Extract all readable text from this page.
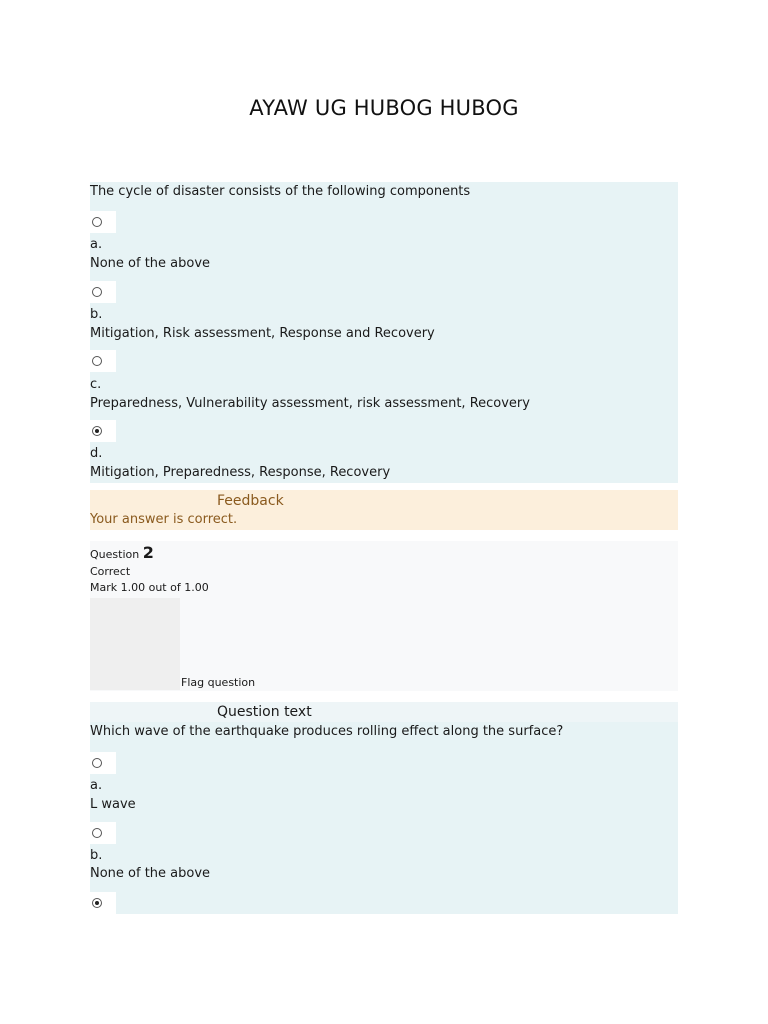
AYAW UG HUBOG HUBOG
The cycle of disaster consists of the following components
a.
None of the above
b.
Mitigation, Risk assessment, Response and Recovery
c.
Preparedness, Vulnerability assessment, risk assessment, Recovery
d.
Mitigation, Preparedness, Response, Recovery
Feedback
Your answer is correct.
Question 2
Correct
Mark 1.00 out of 1.00
Flag question
Question text
Which wave of the earthquake produces rolling effect along the surface?
a.
L wave
b.
None of the above
